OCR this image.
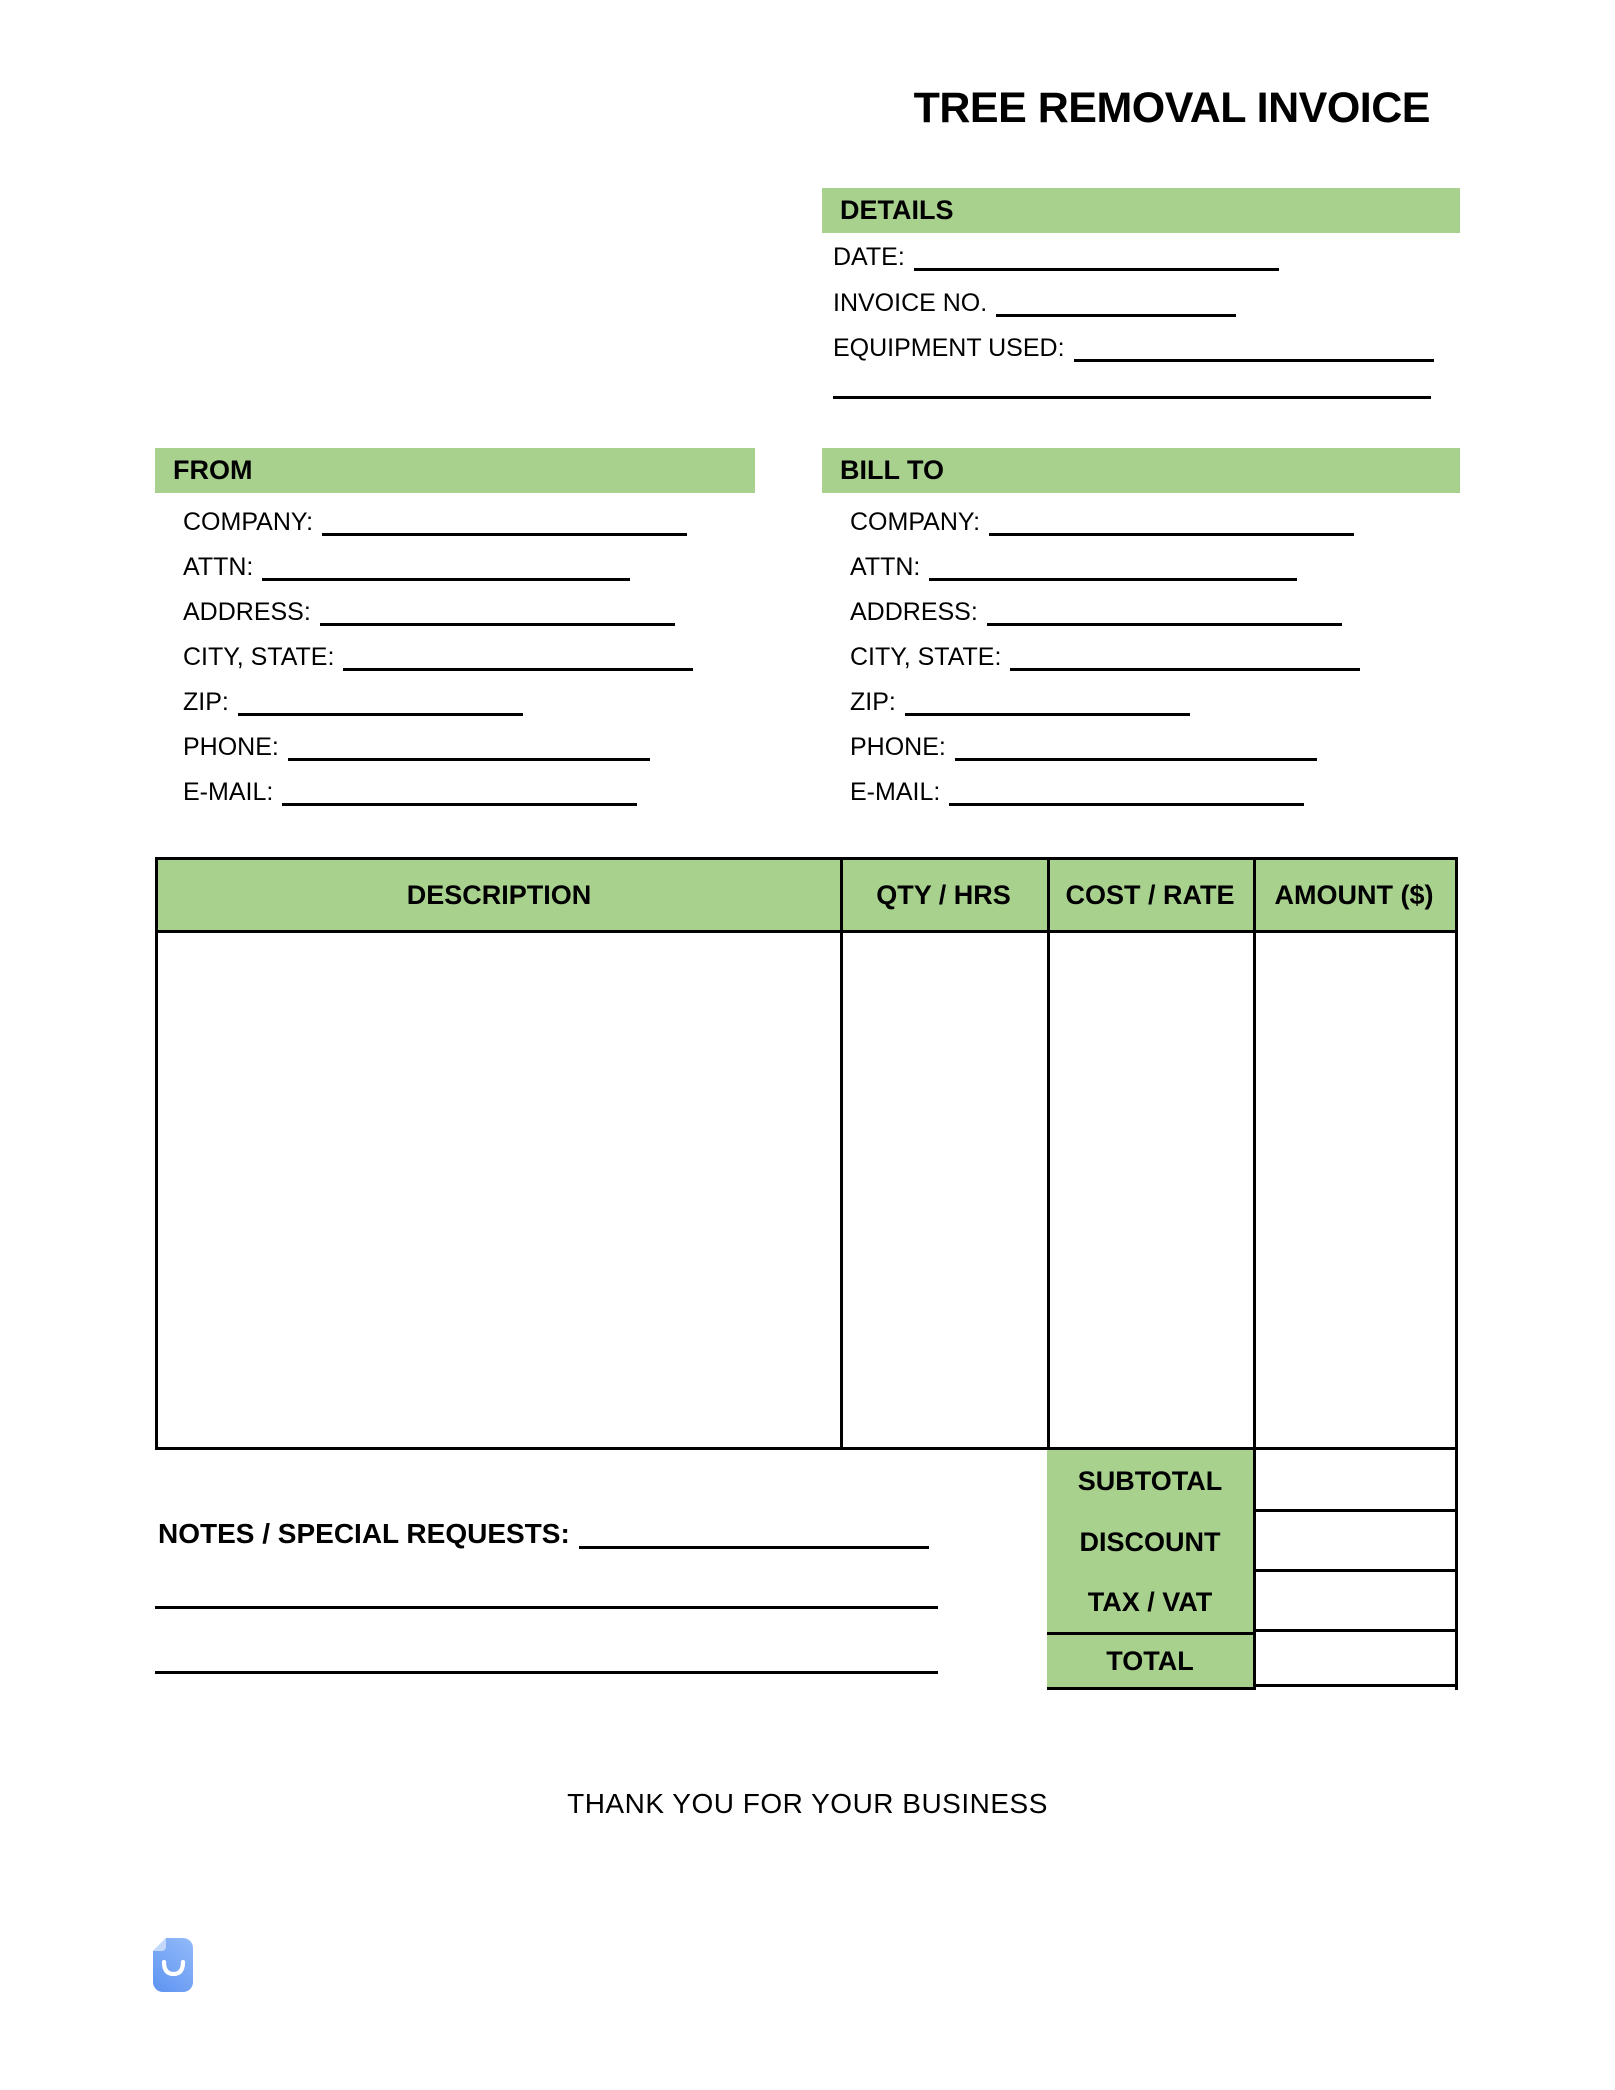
TREE REMOVAL INVOICE
DETAILS
DATE:
INVOICE NO.
EQUIPMENT USED:
FROM
COMPANY:
ATTN:
ADDRESS:
CITY, STATE:
ZIP:
PHONE:
E-MAIL:
BILL TO
COMPANY:
ATTN:
ADDRESS:
CITY, STATE:
ZIP:
PHONE:
E-MAIL:
DESCRIPTION	QTY / HRS	COST / RATE	AMOUNT ($)
SUBTOTAL
DISCOUNT
TAX / VAT
TOTAL
NOTES / SPECIAL REQUESTS:
THANK YOU FOR YOUR BUSINESS
